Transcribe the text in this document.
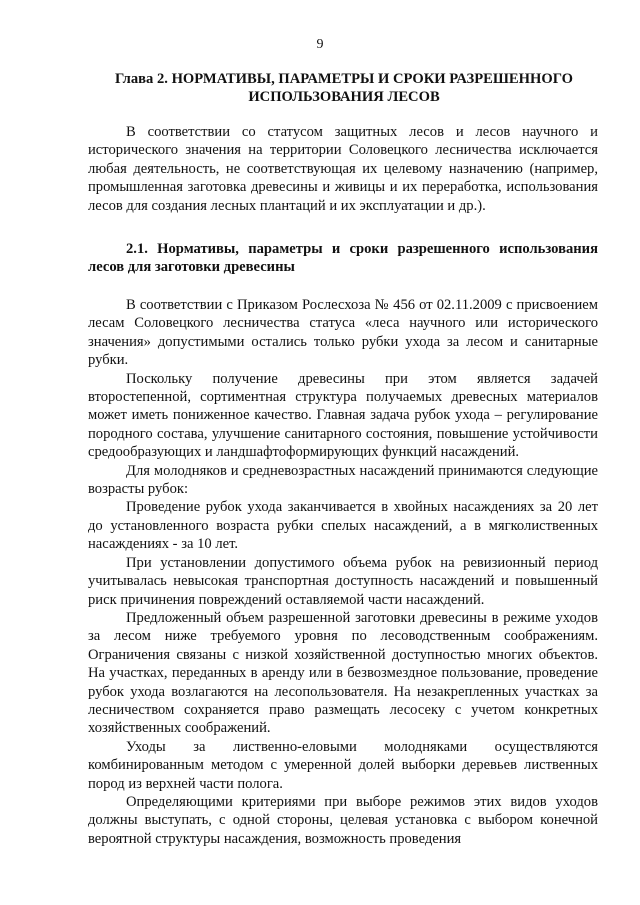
9
Глава 2. НОРМАТИВЫ, ПАРАМЕТРЫ И СРОКИ РАЗРЕШЕННОГО ИСПОЛЬЗОВАНИЯ ЛЕСОВ

В соответствии со статусом защитных лесов и лесов научного и исторического значения на территории Соловецкого лесничества исключается любая деятельность, не соответствующая их целевому назначению (например, промышленная заготовка древесины и живицы и их переработка, использования лесов для создания лесных плантаций и их эксплуатации и др.).

2.1. Нормативы, параметры и сроки разрешенного использования лесов для заготовки древесины

В соответствии с Приказом Рослесхоза № 456 от 02.11.2009 с присвоением лесам Соловецкого лесничества статуса «леса научного или исторического значения» допустимыми остались только рубки ухода за лесом и санитарные рубки.

Поскольку получение древесины при этом является задачей второстепенной, сортиментная структура получаемых древесных материалов может иметь пониженное качество. Главная задача рубок ухода – регулирование породного состава, улучшение санитарного состояния, повышение устойчивости средообразующих и ландшафтоформирующих функций насаждений.

Для молодняков и средневозрастных насаждений принимаются следующие возрасты рубок:

Проведение рубок ухода заканчивается в хвойных насаждениях за 20 лет до установленного возраста рубки спелых насаждений, а в мягколиственных насаждениях - за 10 лет.

При установлении допустимого объема рубок на ревизионный период учитывалась невысокая транспортная доступность насаждений и повышенный риск причинения повреждений оставляемой части насаждений.

Предложенный объем разрешенной заготовки древесины в режиме уходов за лесом ниже требуемого уровня по лесоводственным соображениям. Ограничения связаны с низкой хозяйственной доступностью многих объектов. На участках, переданных в аренду или в безвозмездное пользование, проведение рубок ухода возлагаются на лесопользователя. На незакрепленных участках за лесничеством сохраняется право размещать лесосеку с учетом конкретных хозяйственных соображений.

Уходы за лиственно-еловыми молодняками осуществляются комбинированным методом с умеренной долей выборки деревьев лиственных пород из верхней части полога.

Определяющими критериями при выборе режимов этих видов уходов должны выступать, с одной стороны, целевая установка с выбором конечной вероятной структуры насаждения, возможность проведения
